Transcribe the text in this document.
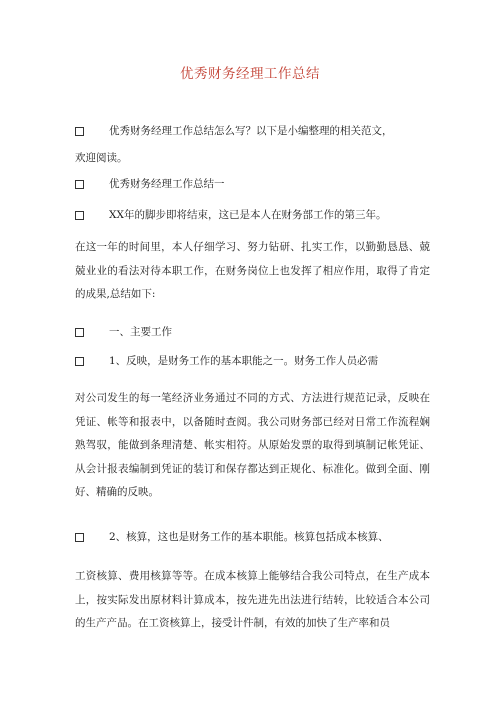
优秀财务经理工作总结
优秀财务经理工作总结怎么写？以下是小编整理的相关范文，
欢迎阅读。
优秀财务经理工作总结一
XX年的脚步即将结束，这已是本人在财务部工作的第三年。
在这一年的时间里，本人仔细学习、努力钻研、扎实工作，以勤勤恳恳、兢兢业业的看法对待本职工作，在财务岗位上也发挥了相应作用，取得了肯定的成果,总结如下:
一、主要工作
1、反映，是财务工作的基本职能之一。财务工作人员必需
对公司发生的每一笔经济业务通过不同的方式、方法进行规范记录，反映在凭证、帐等和报表中，以备随时查阅。我公司财务部已经对日常工作流程娴熟驾驭，能做到条理清楚、帐实相符。从原始发票的取得到填制记帐凭证、从会计报表编制到凭证的装订和保存都达到正规化、标准化。做到全面、刚好、精确的反映。
2、核算，这也是财务工作的基本职能。核算包括成本核算、
工资核算、费用核算等等。在成本核算上能够结合我公司特点，在生产成本上，按实际发出原材料计算成本，按先进先出法进行结转，比较适合本公司的生产产品。在工资核算上，接受计件制，有效的加快了生产率和员
